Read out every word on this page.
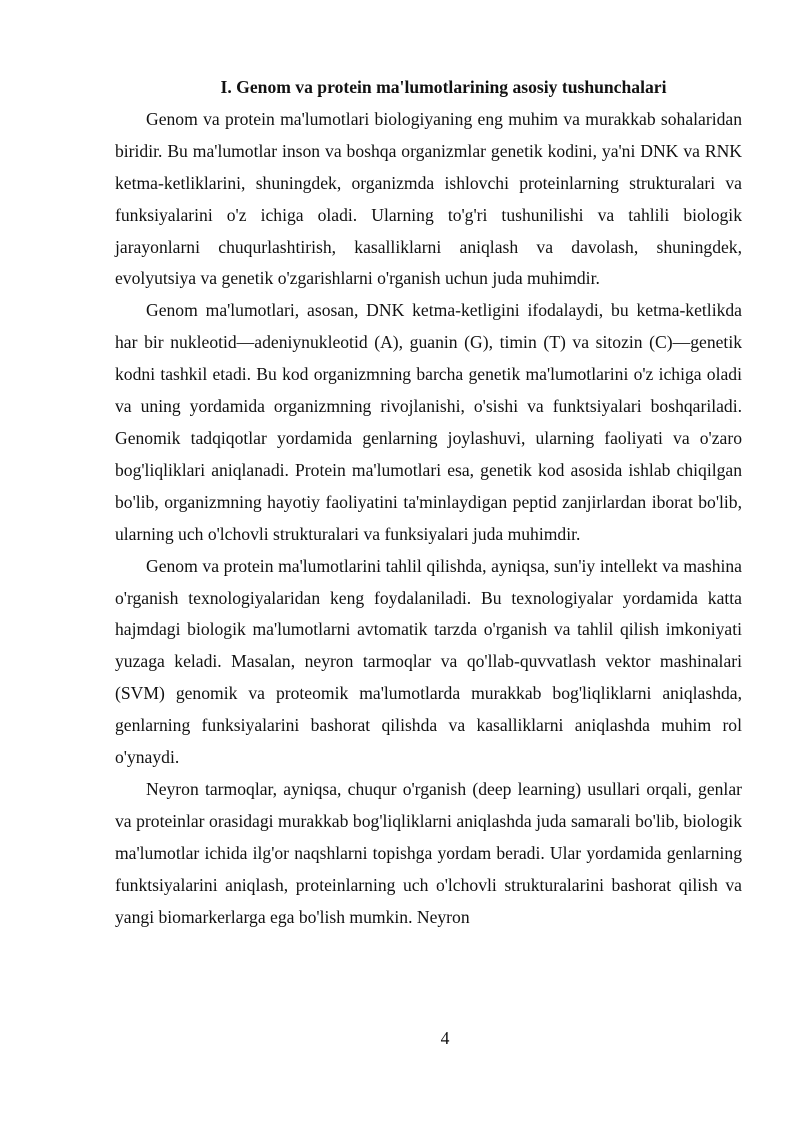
I. Genom va protein ma'lumotlarining asosiy tushunchalari

Genom va protein ma'lumotlari biologiyaning eng muhim va murakkab sohalaridan biridir. Bu ma'lumotlar inson va boshqa organizmlar genetik kodini, ya'ni DNK va RNK ketma-ketliklarini, shuningdek, organizmda ishlovchi proteinlarning strukturalari va funksiyalarini o'z ichiga oladi. Ularning to'g'ri tushunilishi va tahlili biologik jarayonlarni chuqurlashtirish, kasalliklarni aniqlash va davolash, shuningdek, evolyutsiya va genetik o'zgarishlarni o'rganish uchun juda muhimdir.

Genom ma'lumotlari, asosan, DNK ketma-ketligini ifodalaydi, bu ketma-ketlikda har bir nukleotid—adeniynukleotid (A), guanin (G), timin (T) va sitozin (C)—genetik kodni tashkil etadi. Bu kod organizmning barcha genetik ma'lumotlarini o'z ichiga oladi va uning yordamida organizmning rivojlanishi, o'sishi va funktsiyalari boshqariladi. Genomik tadqiqotlar yordamida genlarning joylashuvi, ularning faoliyati va o'zaro bog'liqliklari aniqlanadi. Protein ma'lumotlari esa, genetik kod asosida ishlab chiqilgan bo'lib, organizmning hayotiy faoliyatini ta'minlaydigan peptid zanjirlardan iborat bo'lib, ularning uch o'lchovli strukturalari va funksiyalari juda muhimdir.

Genom va protein ma'lumotlarini tahlil qilishda, ayniqsa, sun'iy intellekt va mashina o'rganish texnologiyalaridan keng foydalaniladi. Bu texnologiyalar yordamida katta hajmdagi biologik ma'lumotlarni avtomatik tarzda o'rganish va tahlil qilish imkoniyati yuzaga keladi. Masalan, neyron tarmoqlar va qo'llab-quvvatlash vektor mashinalari (SVM) genomik va proteomik ma'lumotlarda murakkab bog'liqliklarni aniqlashda, genlarning funksiyalarini bashorat qilishda va kasalliklarni aniqlashda muhim rol o'ynaydi.

Neyron tarmoqlar, ayniqsa, chuqur o'rganish (deep learning) usullari orqali, genlar va proteinlar orasidagi murakkab bog'liqliklarni aniqlashda juda samarali bo'lib, biologik ma'lumotlar ichida ilg'or naqshlarni topishga yordam beradi. Ular yordamida genlarning funktsiyalarini aniqlash, proteinlarning uch o'lchovli strukturalarini bashorat qilish va yangi biomarkerlarga ega bo'lish mumkin. Neyron

4
